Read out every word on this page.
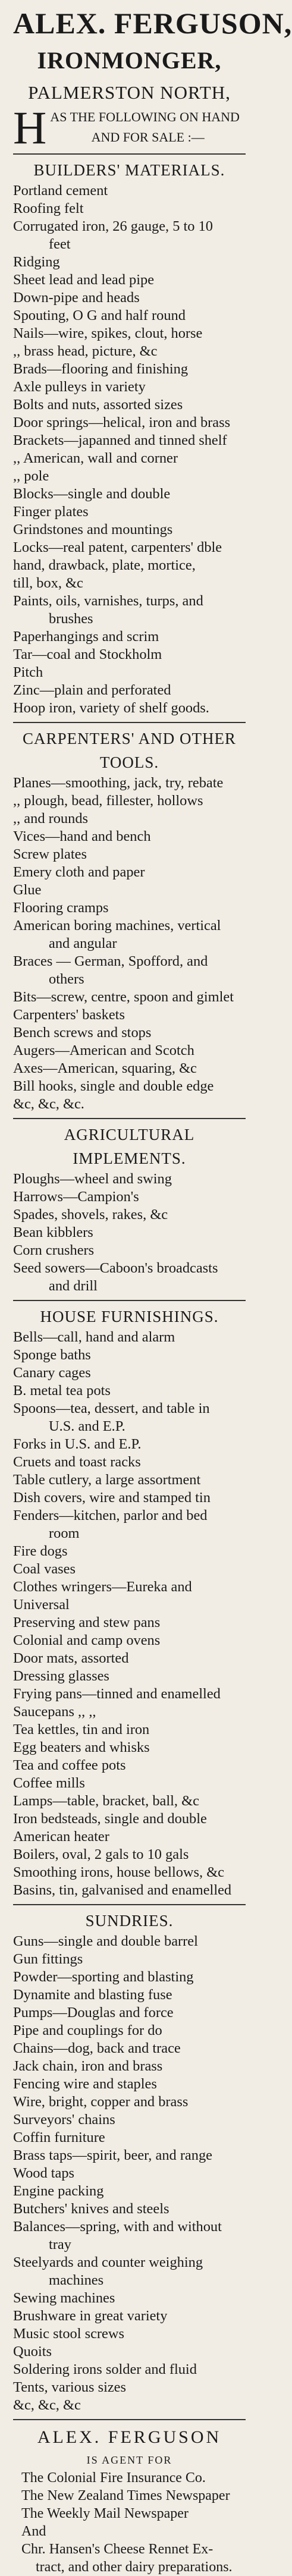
ALEX. FERGUSON,
IRONMONGER,
PALMERSTON NORTH,
H AS THE FOLLOWING ON HAND
AND FOR SALE :—
BUILDERS' MATERIALS.
Portland cement
Roofing felt
Corrugated iron, 26 gauge, 5 to 10
feet
Ridging
Sheet lead and lead pipe
Down-pipe and heads
Spouting, O G and half round
Nails—wire, spikes, clout, horse
,, brass head, picture, &c
Brads—flooring and finishing
Axle pulleys in variety
Bolts and nuts, assorted sizes
Door springs—helical, iron and brass
Brackets—japanned and tinned shelf
,, American, wall and corner
,, pole
Blocks—single and double
Finger plates
Grindstones and mountings
Locks—real patent, carpenters' dble
hand, drawback, plate, mortice,
till, box, &c
Paints, oils, varnishes, turps, and
brushes
Paperhangings and scrim
Tar—coal and Stockholm
Pitch
Zinc—plain and perforated
Hoop iron, variety of shelf goods.
CARPENTERS' AND OTHER TOOLS.
Planes—smoothing, jack, try, rebate
,, plough, bead, fillester, hollows
,, and rounds
Vices—hand and bench
Screw plates
Emery cloth and paper
Glue
Flooring cramps
American boring machines, vertical
and angular
Braces — German, Spofford, and
others
Bits—screw, centre, spoon and gimlet
Carpenters' baskets
Bench screws and stops
Augers—American and Scotch
Axes—American, squaring, &c
Bill hooks, single and double edge
&c, &c, &c.
AGRICULTURAL IMPLEMENTS.
Ploughs—wheel and swing
Harrows—Campion's
Spades, shovels, rakes, &c
Bean kibblers
Corn crushers
Seed sowers—Caboon's broadcasts
and drill
HOUSE FURNISHINGS.
Bells—call, hand and alarm
Sponge baths
Canary cages
B. metal tea pots
Spoons—tea, dessert, and table in
U.S. and E.P.
Forks in U.S. and E.P.
Cruets and toast racks
Table cutlery, a large assortment
Dish covers, wire and stamped tin
Fenders—kitchen, parlor and bed
room
Fire dogs
Coal vases
Clothes wringers—Eureka and Universal
Preserving and stew pans
Colonial and camp ovens
Door mats, assorted
Dressing glasses
Frying pans—tinned and enamelled
Saucepans ,, ,,
Tea kettles, tin and iron
Egg beaters and whisks
Tea and coffee pots
Coffee mills
Lamps—table, bracket, ball, &c
Iron bedsteads, single and double
American heater
Boilers, oval, 2 gals to 10 gals
Smoothing irons, house bellows, &c
Basins, tin, galvanised and enamelled
SUNDRIES.
Guns—single and double barrel
Gun fittings
Powder—sporting and blasting
Dynamite and blasting fuse
Pumps—Douglas and force
Pipe and couplings for do
Chains—dog, back and trace
Jack chain, iron and brass
Fencing wire and staples
Wire, bright, copper and brass
Surveyors' chains
Coffin furniture
Brass taps—spirit, beer, and range
Wood taps
Engine packing
Butchers' knives and steels
Balances—spring, with and without
tray
Steelyards and counter weighing
machines
Sewing machines
Brushware in great variety
Music stool screws
Quoits
Soldering irons solder and fluid
Tents, various sizes
&c, &c, &c
ALEX. FERGUSON
IS AGENT FOR
The Colonial Fire Insurance Co.
The New Zealand Times Newspaper
The Weekly Mail Newspaper
And
Chr. Hansen's Cheese Rennet Ex-
tract, and other dairy preparations.
